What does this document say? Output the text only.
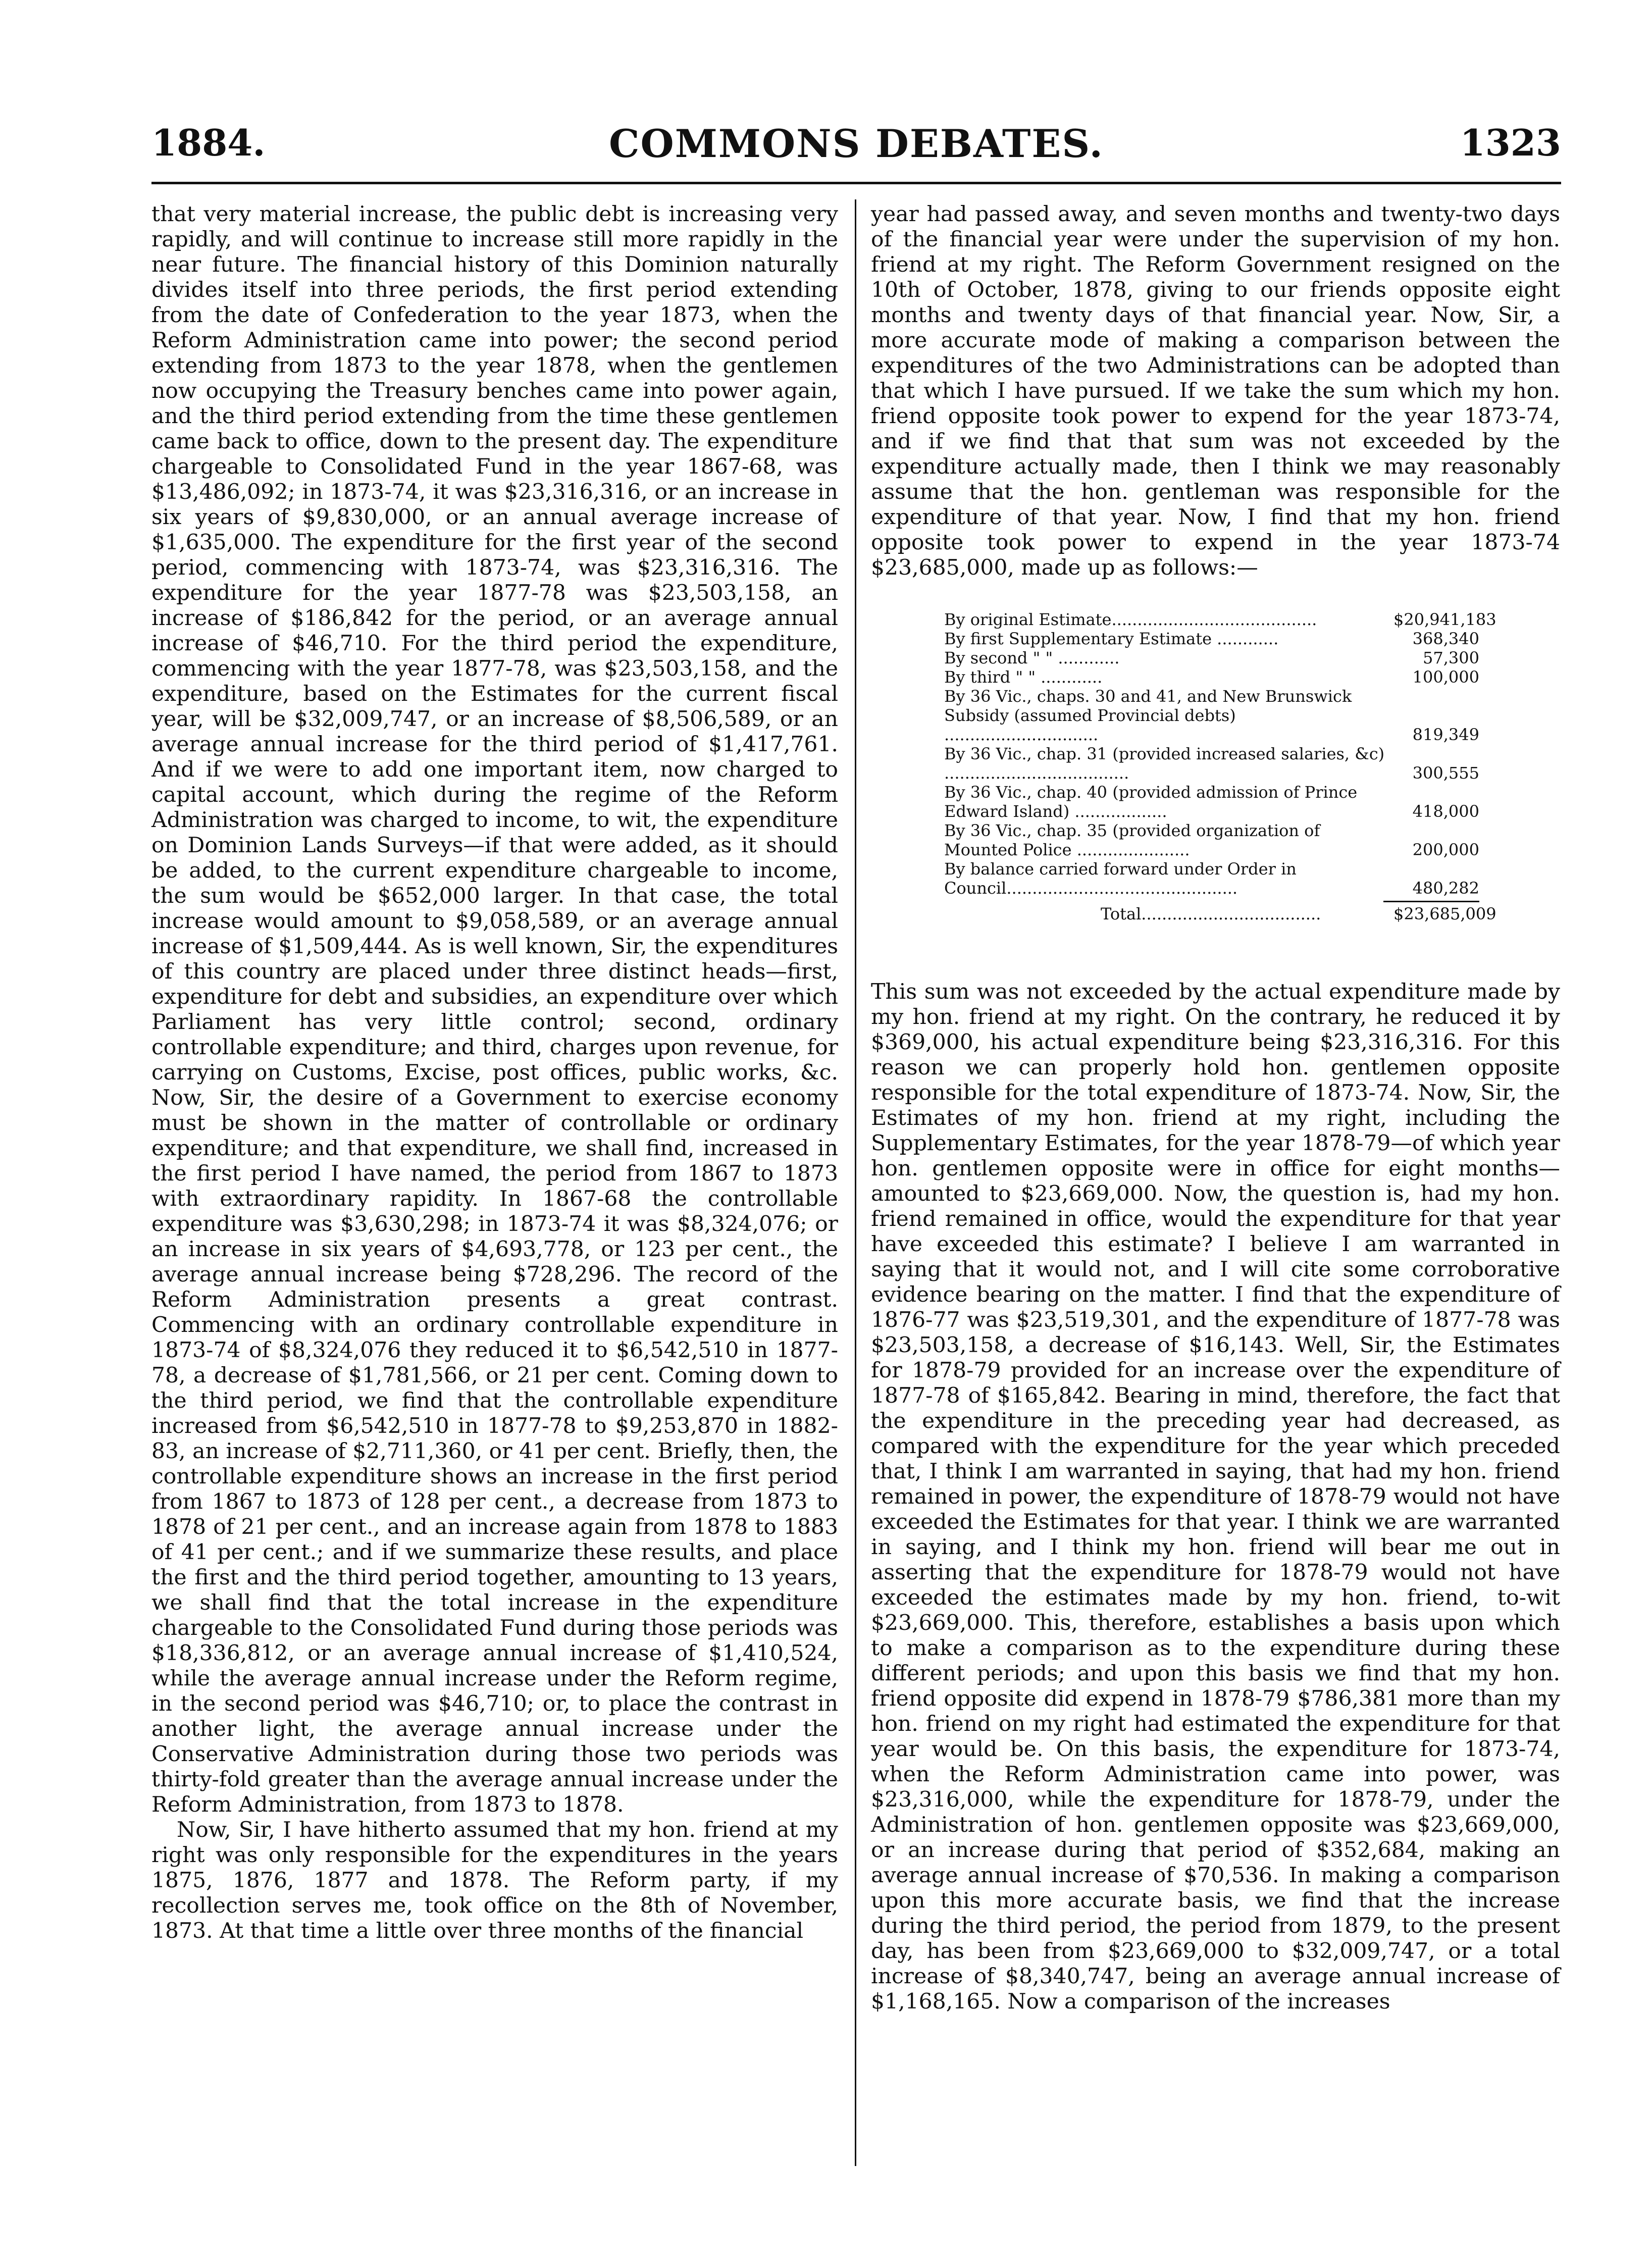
1884.	COMMONS DEBATES.	1323

that very material increase, the public debt is increasing very rapidly, and will continue to increase still more rapidly in the near future. The financial history of this Dominion naturally divides itself into three periods, the first period extending from the date of Confederation to the year 1873, when the Reform Administration came into power; the second period extending from 1873 to the year 1878, when the gentlemen now occupying the Treasury benches came into power again, and the third period extending from the time these gentlemen came back to office, down to the present day. The expenditure chargeable to Consolidated Fund in the year 1867-68, was $13,486,092; in 1873-74, it was $23,316,316, or an increase in six years of $9,830,000, or an annual average increase of $1,635,000. The expenditure for the first year of the second period, commencing with 1873-74, was $23,316,316. The expenditure for the year 1877-78 was $23,503,158, an increase of $186,842 for the period, or an average annual increase of $46,710. For the third period the expenditure, commencing with the year 1877-78, was $23,503,158, and the expenditure, based on the Estimates for the current fiscal year, will be $32,009,747, or an increase of $8,506,589, or an average annual increase for the third period of $1,417,761. And if we were to add one important item, now charged to capital account, which during the regime of the Reform Administration was charged to income, to wit, the expenditure on Dominion Lands Surveys—if that were added, as it should be added, to the current expenditure chargeable to income, the sum would be $652,000 larger. In that case, the total increase would amount to $9,058,589, or an average annual increase of $1,509,444. As is well known, Sir, the expenditures of this country are placed under three distinct heads—first, expenditure for debt and subsidies, an expenditure over which Parliament has very little control; second, ordinary controllable expenditure; and third, charges upon revenue, for carrying on Customs, Excise, post offices, public works, &c. Now, Sir, the desire of a Government to exercise economy must be shown in the matter of controllable or ordinary expenditure; and that expenditure, we shall find, increased in the first period I have named, the period from 1867 to 1873 with extraordinary rapidity. In 1867-68 the controllable expenditure was $3,630,298; in 1873-74 it was $8,324,076; or an increase in six years of $4,693,778, or 123 per cent., the average annual increase being $728,296. The record of the Reform Administration presents a great contrast. Commencing with an ordinary controllable expenditure in 1873-74 of $8,324,076 they reduced it to $6,542,510 in 1877-78, a decrease of $1,781,566, or 21 per cent. Coming down to the third period, we find that the controllable expenditure increased from $6,542,510 in 1877-78 to $9,253,870 in 1882-83, an increase of $2,711,360, or 41 per cent. Briefly, then, the controllable expenditure shows an increase in the first period from 1867 to 1873 of 128 per cent., a decrease from 1873 to 1878 of 21 per cent., and an increase again from 1878 to 1883 of 41 per cent.; and if we summarize these results, and place the first and the third period together, amounting to 13 years, we shall find that the total increase in the expenditure chargeable to the Consolidated Fund during those periods was $18,336,812, or an average annual increase of $1,410,524, while the average annual increase under the Reform regime, in the second period was $46,710; or, to place the contrast in another light, the average annual increase under the Conservative Administration during those two periods was thirty-fold greater than the average annual increase under the Reform Administration, from 1873 to 1878.

Now, Sir, I have hitherto assumed that my hon. friend at my right was only responsible for the expenditures in the years 1875, 1876, 1877 and 1878. The Reform party, if my recollection serves me, took office on the 8th of November, 1873. At that time a little over three months of the financial

year had passed away, and seven months and twenty-two days of the financial year were under the supervision of my hon. friend at my right. The Reform Government resigned on the 10th of October, 1878, giving to our friends opposite eight months and twenty days of that financial year. Now, Sir, a more accurate mode of making a comparison between the expenditures of the two Administrations can be adopted than that which I have pursued. If we take the sum which my hon. friend opposite took power to expend for the year 1873-74, and if we find that that sum was not exceeded by the expenditure actually made, then I think we may reasonably assume that the hon. gentleman was responsible for the expenditure of that year. Now, I find that my hon. friend opposite took power to expend in the year 1873-74 $23,685,000, made up as follows:—

By original Estimate........................................	$20,941,183
By first Supplementary Estimate ............	368,340
By second " " ............	57,300
By third " " ............	100,000
By 36 Vic., chaps. 30 and 41, and New Brunswick Subsidy (assumed Provincial debts) ..............................	819,349
By 36 Vic., chap. 31 (provided increased salaries, &c) ....................................	300,555
By 36 Vic., chap. 40 (provided admission of Prince Edward Island) ..................	418,000
By 36 Vic., chap. 35 (provided organization of Mounted Police ......................	200,000
By balance carried forward under Order in Council.............................................	480,282
Total...................................	$23,685,009

This sum was not exceeded by the actual expenditure made by my hon. friend at my right. On the contrary, he reduced it by $369,000, his actual expenditure being $23,316,316. For this reason we can properly hold hon. gentlemen opposite responsible for the total expenditure of 1873-74. Now, Sir, the Estimates of my hon. friend at my right, including the Supplementary Estimates, for the year 1878-79—of which year hon. gentlemen opposite were in office for eight months—amounted to $23,669,000. Now, the question is, had my hon. friend remained in office, would the expenditure for that year have exceeded this estimate? I believe I am warranted in saying that it would not, and I will cite some corroborative evidence bearing on the matter. I find that the expenditure of 1876-77 was $23,519,301, and the expenditure of 1877-78 was $23,503,158, a decrease of $16,143. Well, Sir, the Estimates for 1878-79 provided for an increase over the expenditure of 1877-78 of $165,842. Bearing in mind, therefore, the fact that the expenditure in the preceding year had decreased, as compared with the expenditure for the year which preceded that, I think I am warranted in saying, that had my hon. friend remained in power, the expenditure of 1878-79 would not have exceeded the Estimates for that year. I think we are warranted in saying, and I think my hon. friend will bear me out in asserting that the expenditure for 1878-79 would not have exceeded the estimates made by my hon. friend, to-wit $23,669,000. This, therefore, establishes a basis upon which to make a comparison as to the expenditure during these different periods; and upon this basis we find that my hon. friend opposite did expend in 1878-79 $786,381 more than my hon. friend on my right had estimated the expenditure for that year would be. On this basis, the expenditure for 1873-74, when the Reform Administration came into power, was $23,316,000, while the expenditure for 1878-79, under the Administration of hon. gentlemen opposite was $23,669,000, or an increase during that period of $352,684, making an average annual increase of $70,536. In making a comparison upon this more accurate basis, we find that the increase during the third period, the period from 1879, to the present day, has been from $23,669,000 to $32,009,747, or a total increase of $8,340,747, being an average annual increase of $1,168,165. Now a comparison of the increases
